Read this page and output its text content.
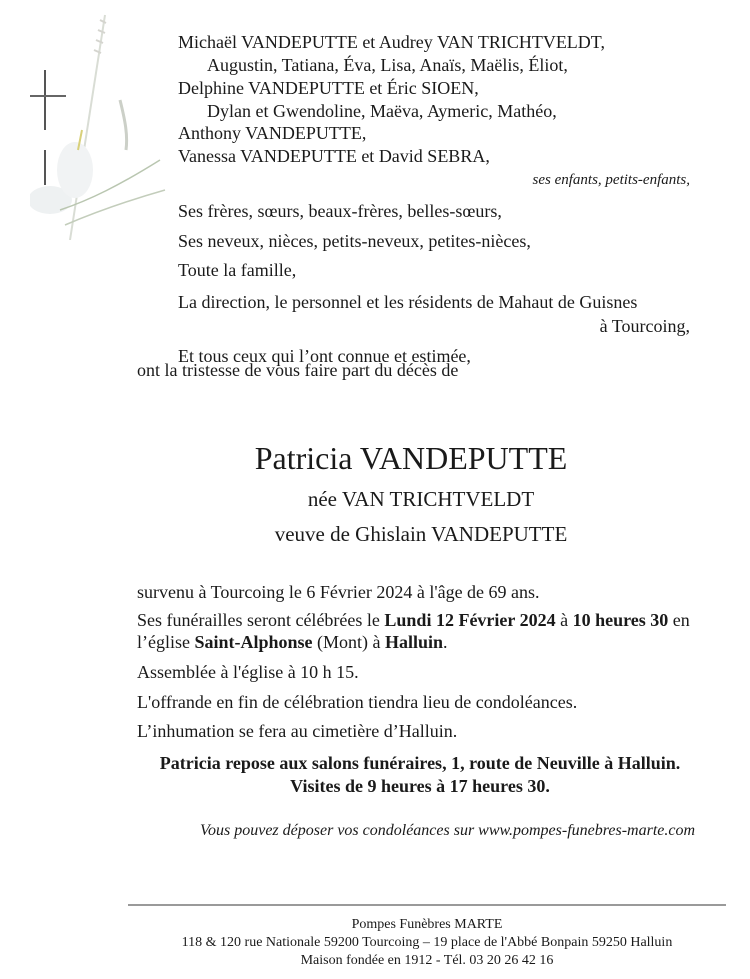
Michaël VANDEPUTTE et Audrey VAN TRICHTVELDT,
Augustin, Tatiana, Éva, Lisa, Anaïs, Maëlis, Éliot,
Delphine VANDEPUTTE et Éric SIOEN,
Dylan et Gwendoline, Maëva, Aymeric, Mathéo,
Anthony VANDEPUTTE,
Vanessa VANDEPUTTE et David SEBRA,
ses enfants, petits-enfants,
Ses frères, sœurs, beaux-frères, belles-sœurs,
Ses neveux, nièces, petits-neveux, petites-nièces,
Toute la famille,
La direction, le personnel et les résidents de Mahaut de Guisnes
à Tourcoing,
Et tous ceux qui l’ont connue et estimée,
ont la tristesse de vous faire part du décès de
Patricia VANDEPUTTE
née VAN TRICHTVELDT
veuve de Ghislain VANDEPUTTE
survenu à Tourcoing le 6 Février 2024 à l'âge de 69 ans.
Ses funérailles seront célébrées le Lundi 12 Février 2024 à 10 heures 30 en
l’église Saint-Alphonse (Mont) à Halluin.
Assemblée à l'église à 10 h 15.
L'offrande en fin de célébration tiendra lieu de condoléances.
L’inhumation se fera au cimetière d’Halluin.
Patricia repose aux salons funéraires, 1, route de Neuville à Halluin.
Visites de 9 heures à 17 heures 30.
Vous pouvez déposer vos condoléances sur www.pompes-funebres-marte.com
Pompes Funèbres MARTE
118 & 120 rue Nationale 59200 Tourcoing – 19 place de l'Abbé Bonpain 59250 Halluin
Maison fondée en 1912 - Tél. 03 20 26 42 16
